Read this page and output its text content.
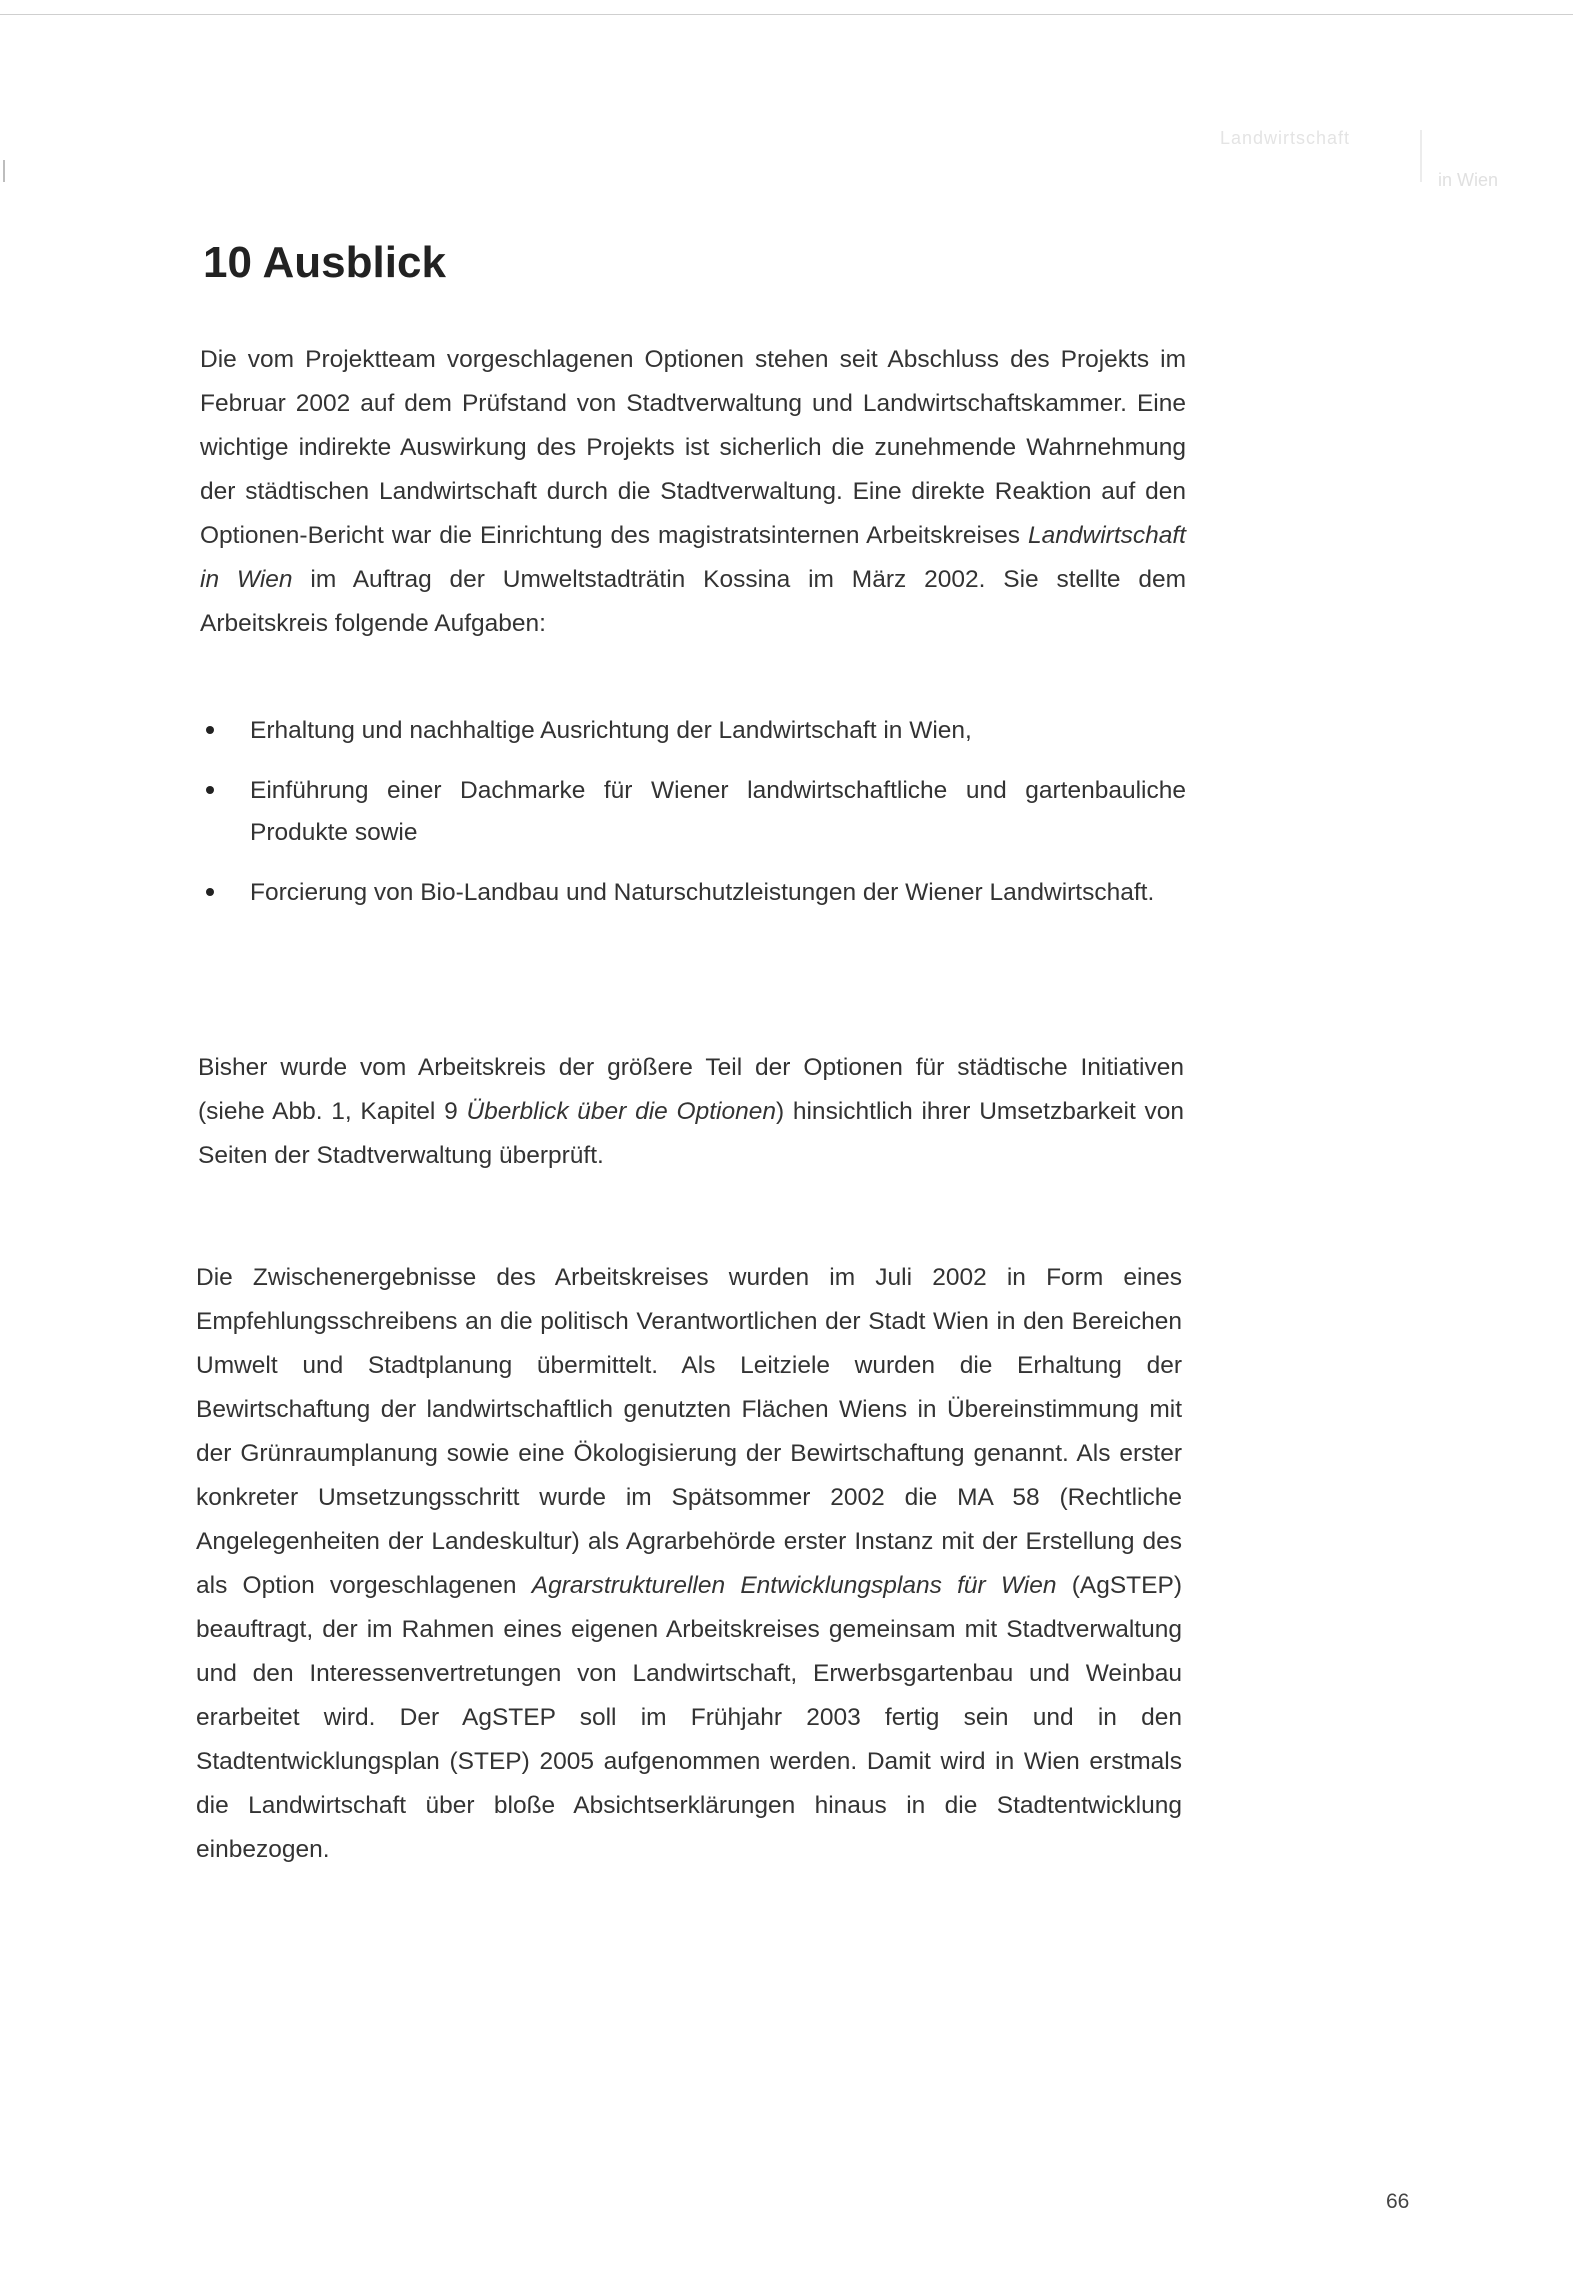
Landwirtschaft
in Wien
10 Ausblick

Die vom Projektteam vorgeschlagenen Optionen stehen seit Abschluss des Projekts im Februar 2002 auf dem Prüfstand von Stadtverwaltung und Landwirtschaftskammer. Eine wichtige indirekte Auswirkung des Projekts ist sicherlich die zunehmende Wahrnehmung der städtischen Landwirtschaft durch die Stadtverwaltung. Eine direkte Reaktion auf den Optionen-Bericht war die Einrichtung des magistratsinternen Arbeitskreises Landwirtschaft in Wien im Auftrag der Umweltstadträtin Kossina im März 2002. Sie stellte dem Arbeitskreis folgende Aufgaben:

Erhaltung und nachhaltige Ausrichtung der Landwirtschaft in Wien,
Einführung einer Dachmarke für Wiener landwirtschaftliche und gartenbauliche Produkte sowie
Forcierung von Bio-Landbau und Naturschutzleistungen der Wiener Landwirtschaft.

Bisher wurde vom Arbeitskreis der größere Teil der Optionen für städtische Initiativen (siehe Abb. 1, Kapitel 9 Überblick über die Optionen) hinsichtlich ihrer Umsetzbarkeit von Seiten der Stadtverwaltung überprüft.

Die Zwischenergebnisse des Arbeitskreises wurden im Juli 2002 in Form eines Empfehlungsschreibens an die politisch Verantwortlichen der Stadt Wien in den Bereichen Umwelt und Stadtplanung übermittelt. Als Leitziele wurden die Erhaltung der Bewirtschaftung der landwirtschaftlich genutzten Flächen Wiens in Übereinstimmung mit der Grünraumplanung sowie eine Ökologisierung der Bewirtschaftung genannt. Als erster konkreter Umsetzungsschritt wurde im Spätsommer 2002 die MA 58 (Rechtliche Angelegenheiten der Landeskultur) als Agrarbehörde erster Instanz mit der Erstellung des als Option vorgeschlagenen Agrarstrukturellen Entwicklungsplans für Wien (AgSTEP) beauftragt, der im Rahmen eines eigenen Arbeitskreises gemeinsam mit Stadtverwaltung und den Interessenvertretungen von Landwirtschaft, Erwerbsgartenbau und Weinbau erarbeitet wird. Der AgSTEP soll im Frühjahr 2003 fertig sein und in den Stadtentwicklungsplan (STEP) 2005 aufgenommen werden. Damit wird in Wien erstmals die Landwirtschaft über bloße Absichtserklärungen hinaus in die Stadtentwicklung einbezogen.

66
